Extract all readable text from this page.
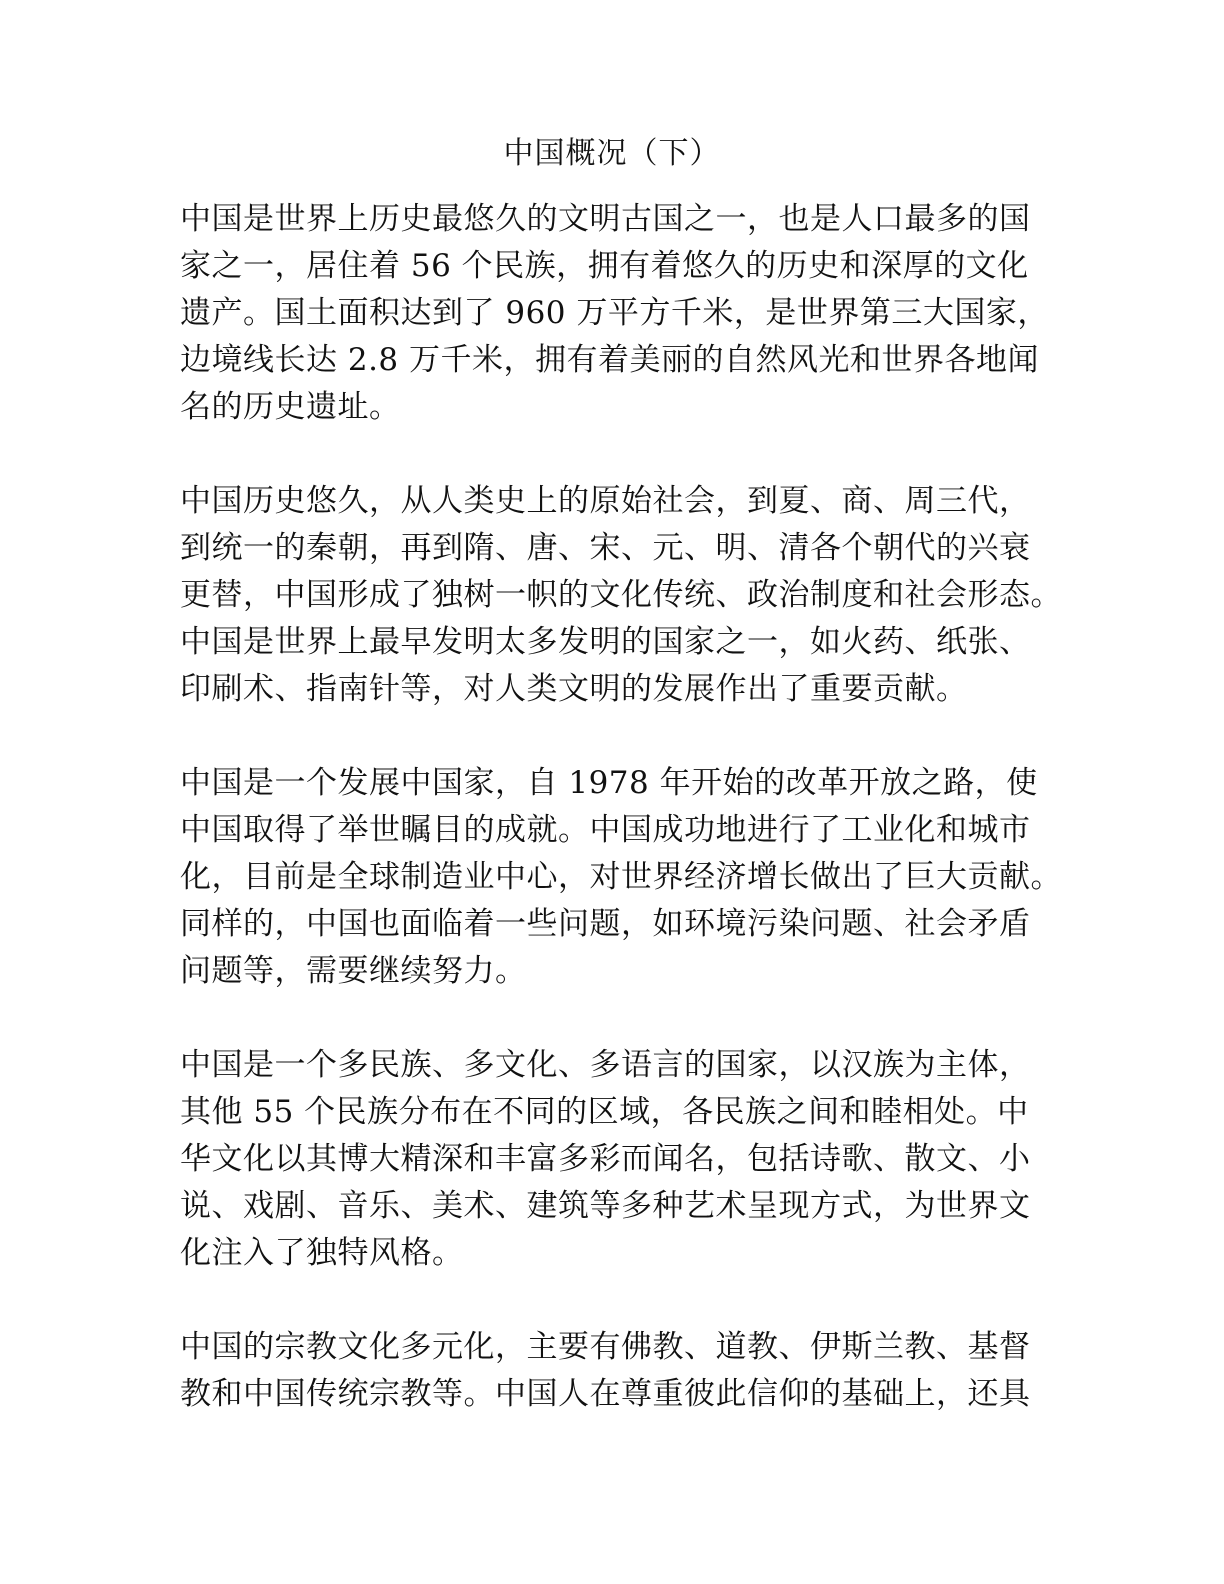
中国概况（下）
中国是世界上历史最悠久的文明古国之一，也是人口最多的国
家之一，居住着 56 个民族，拥有着悠久的历史和深厚的文化
遗产。国土面积达到了 960 万平方千米，是世界第三大国家，
边境线长达 2.8 万千米，拥有着美丽的自然风光和世界各地闻
名的历史遗址。
中国历史悠久，从人类史上的原始社会，到夏、商、周三代，
到统一的秦朝，再到隋、唐、宋、元、明、清各个朝代的兴衰
更替，中国形成了独树一帜的文化传统、政治制度和社会形态。
中国是世界上最早发明太多发明的国家之一，如火药、纸张、
印刷术、指南针等，对人类文明的发展作出了重要贡献。
中国是一个发展中国家，自 1978 年开始的改革开放之路，使
中国取得了举世瞩目的成就。中国成功地进行了工业化和城市
化，目前是全球制造业中心，对世界经济增长做出了巨大贡献。
同样的，中国也面临着一些问题，如环境污染问题、社会矛盾
问题等，需要继续努力。
中国是一个多民族、多文化、多语言的国家，以汉族为主体，
其他 55 个民族分布在不同的区域，各民族之间和睦相处。中
华文化以其博大精深和丰富多彩而闻名，包括诗歌、散文、小
说、戏剧、音乐、美术、建筑等多种艺术呈现方式，为世界文
化注入了独特风格。
中国的宗教文化多元化，主要有佛教、道教、伊斯兰教、基督
教和中国传统宗教等。中国人在尊重彼此信仰的基础上，还具
